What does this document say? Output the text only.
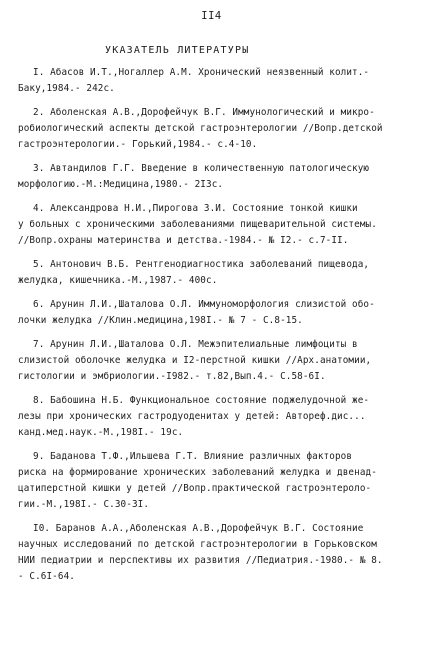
II4
УКАЗАТЕЛЬ ЛИТЕРАТУРЫ
I. Абасов И.Т.,Ногаллер А.М. Хронический неязвенный колит.-
Баку,1984.- 242с.
2. Аболенская А.В.,Дорофейчук В.Г. Иммунологический и микро-
робиологический аспекты детской гастроэнтерологии //Вопр.детской
гастроэнтерологии.- Горький,1984.- с.4-10.
3. Автандилов Г.Г. Введение в количественную патологическую
морфологию.-М.:Медицина,1980.- 2I3с.
4. Александрова Н.И.,Пирогова З.И. Состояние тонкой кишки
у больных с хроническими заболеваниями пищеварительной системы.
//Вопр.охраны материнства и детства.-1984.- № I2.- с.7-II.
5. Антонович В.Б. Рентгенодиагностика заболеваний пищевода,
желудка, кишечника.-М.,1987.- 400с.
6. Арунин Л.И.,Шаталова О.Л. Иммуноморфология слизистой обо-
лочки желудка //Клин.медицина,198I.- № 7 - С.8-15.
7. Арунин Л.И.,Шаталова О.Л. Межэпителиальные лимфоциты в
слизистой оболочке желудка и I2-перстной кишки //Арх.анатомии,
гистологии и эмбриологии.-I982.- т.82,Вып.4.- С.58-6I.
8. Бабошина Н.Б. Функциональное состояние поджелудочной же-
лезы при хронических гастродуоденитах у детей: Автореф.дис...
канд.мед.наук.-М.,198I.- 19с.
9. Баданова Т.Ф.,Ильшева Г.Т. Влияние различных факторов
риска на формирование хронических заболеваний желудка и двенад-
цатиперстной кишки у детей //Вопр.практической гастроэнтероло-
гии.-М.,198I.- С.30-3I.
I0. Баранов А.А.,Аболенская А.В.,Дорофейчук В.Г. Состояние
научных исследований по детской гастроэнтерологии в Горьковском
НИИ педиатрии и перспективы их развития //Педиатрия.-1980.- № 8.
- С.6I-64.
